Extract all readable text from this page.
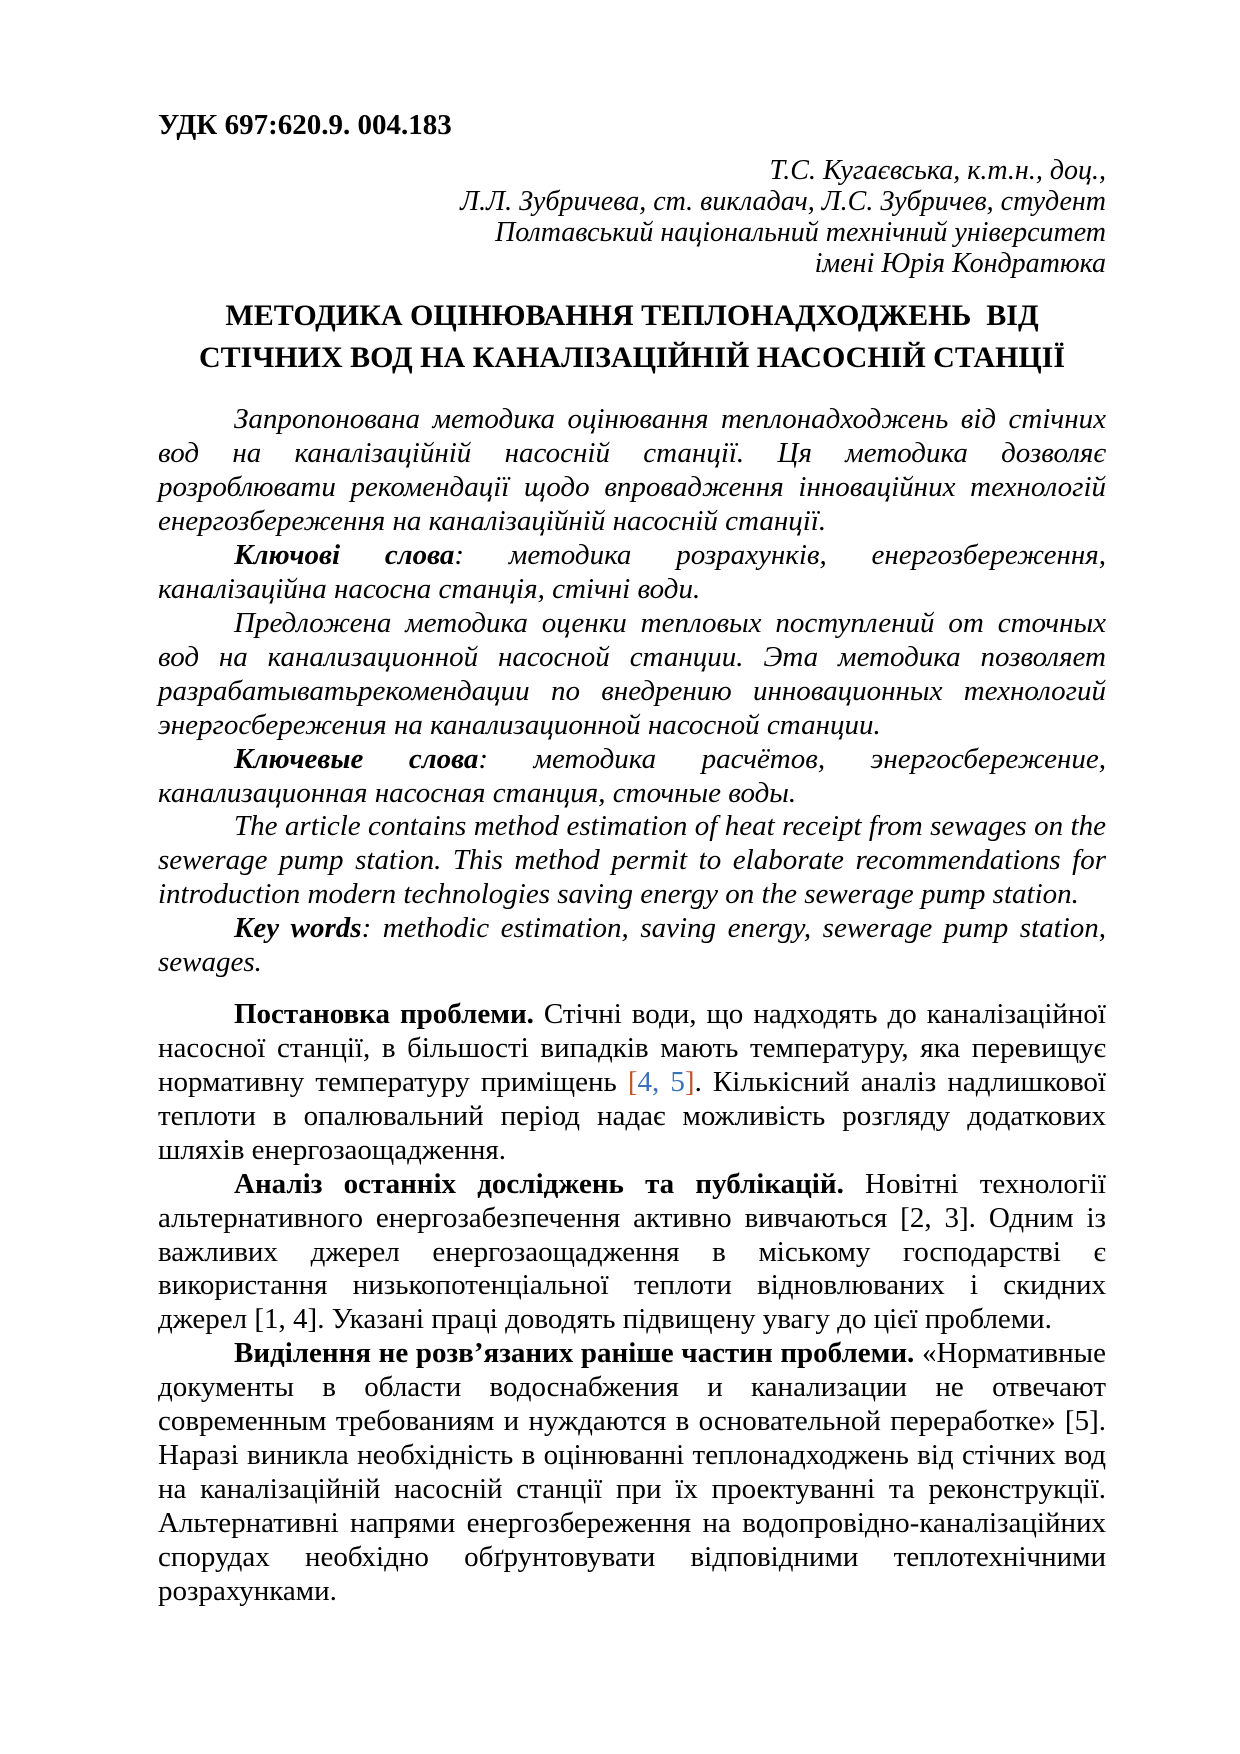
УДК 697:620.9. 004.183
Т.С. Кугаєвська, к.т.н., доц.,
Л.Л. Зубричева, ст. викладач, Л.С. Зубричев, студент
Полтавський національний технічний університет
імені Юрія Кондратюка
МЕТОДИКА ОЦІНЮВАННЯ ТЕПЛОНАДХОДЖЕНЬ  ВІД СТІЧНИХ ВОД НА КАНАЛІЗАЦІЙНІЙ НАСОСНІЙ СТАНЦІЇ

Запропонована методика оцінювання теплонадходжень від стічних вод на каналізаційній насосній станції. Ця методика дозволяє розроблювати рекомендації щодо впровадження інноваційних технологій енергозбереження на каналізаційній насосній станції.

Ключові слова: методика розрахунків, енергозбереження, каналізаційна насосна станція, стічні води.

Предложена методика оценки тепловых поступлений от сточных вод на канализационной насосной станции. Эта методика позволяет разрабатыватьрекомендации по внедрению инновационных технологий энергосбережения на канализационной насосной станции.

Ключевые слова: методика расчётов, энергосбережение, канализационная насосная станция, сточные воды.

The article contains method estimation of heat receipt from sewages on the sewerage pump station. This method permit to elaborate recommendations for introduction modern technologies saving energy on the sewerage pump station.

Key words: methodic estimation, saving energy, sewerage pump station, sewages.

Постановка проблеми. Стічні води, що надходять до каналізаційної насосної станції, в більшості випадків мають температуру, яка перевищує нормативну температуру приміщень [4, 5]. Кількісний аналіз надлишкової теплоти в опалювальний період надає можливість розгляду додаткових шляхів енергозаощадження.

Аналіз останніх досліджень та публікацій. Новітні технології альтернативного енергозабезпечення активно вивчаються [2, 3]. Одним із важливих джерел енергозаощадження в міському господарстві є використання низькопотенціальної теплоти відновлюваних і скидних джерел [1, 4]. Указані праці доводять підвищену увагу до цієї проблеми.

Виділення не розв’язаних раніше частин проблеми. «Нормативные документы в области водоснабжения и канализации не отвечают современным требованиям и нуждаются в основательной переработке» [5]. Наразі виникла необхідність в оцінюванні теплонадходжень від стічних вод на каналізаційній насосній станції при їх проектуванні та реконструкції. Альтернативні напрями енергозбереження на водопровідно-каналізаційних спорудах необхідно обґрунтовувати відповідними теплотехнічними розрахунками.
